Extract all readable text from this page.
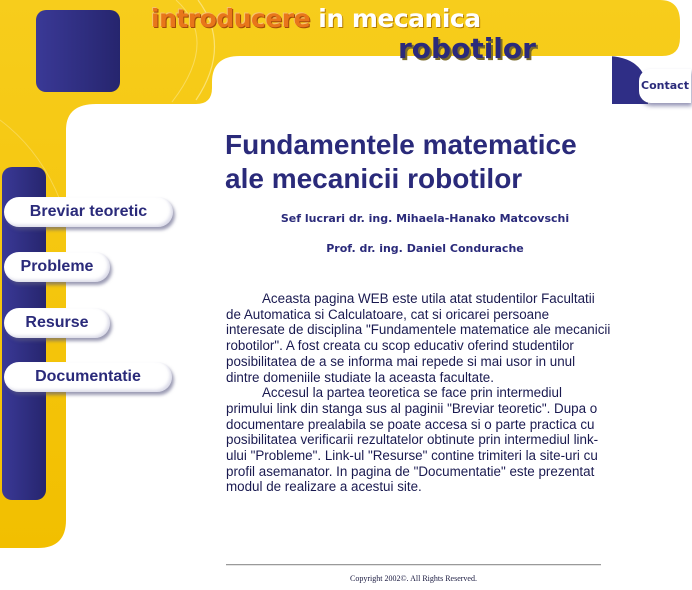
introducere in mecanica
robotilor
Contact
Breviar teoretic
Probleme
Resurse
Documentatie
Fundamentele matematice
ale mecanicii robotilor
Sef lucrari dr. ing. Mihaela-Hanako Matcovschi
Prof. dr. ing. Daniel Condurache

Aceasta pagina WEB este utila atat studentilor Facultatii de Automatica si Calculatoare, cat si oricarei persoane interesate de disciplina "Fundamentele matematice ale mecanicii robotilor". A fost creata cu scop educativ oferind studentilor posibilitatea de a se informa mai repede si mai usor in unul dintre domeniile studiate la aceasta facultate.

Accesul la partea teoretica se face prin intermediul primului link din stanga sus al paginii "Breviar teoretic". Dupa o documentare prealabila se poate accesa si o parte practica cu posibilitatea verificarii rezultatelor obtinute prin intermediul link-ului "Probleme". Link-ul "Resurse" contine trimiteri la site-uri cu profil asemanator. In pagina de "Documentatie" este prezentat modul de realizare a acestui site.

Copyright 2002©. All Rights Reserved.
